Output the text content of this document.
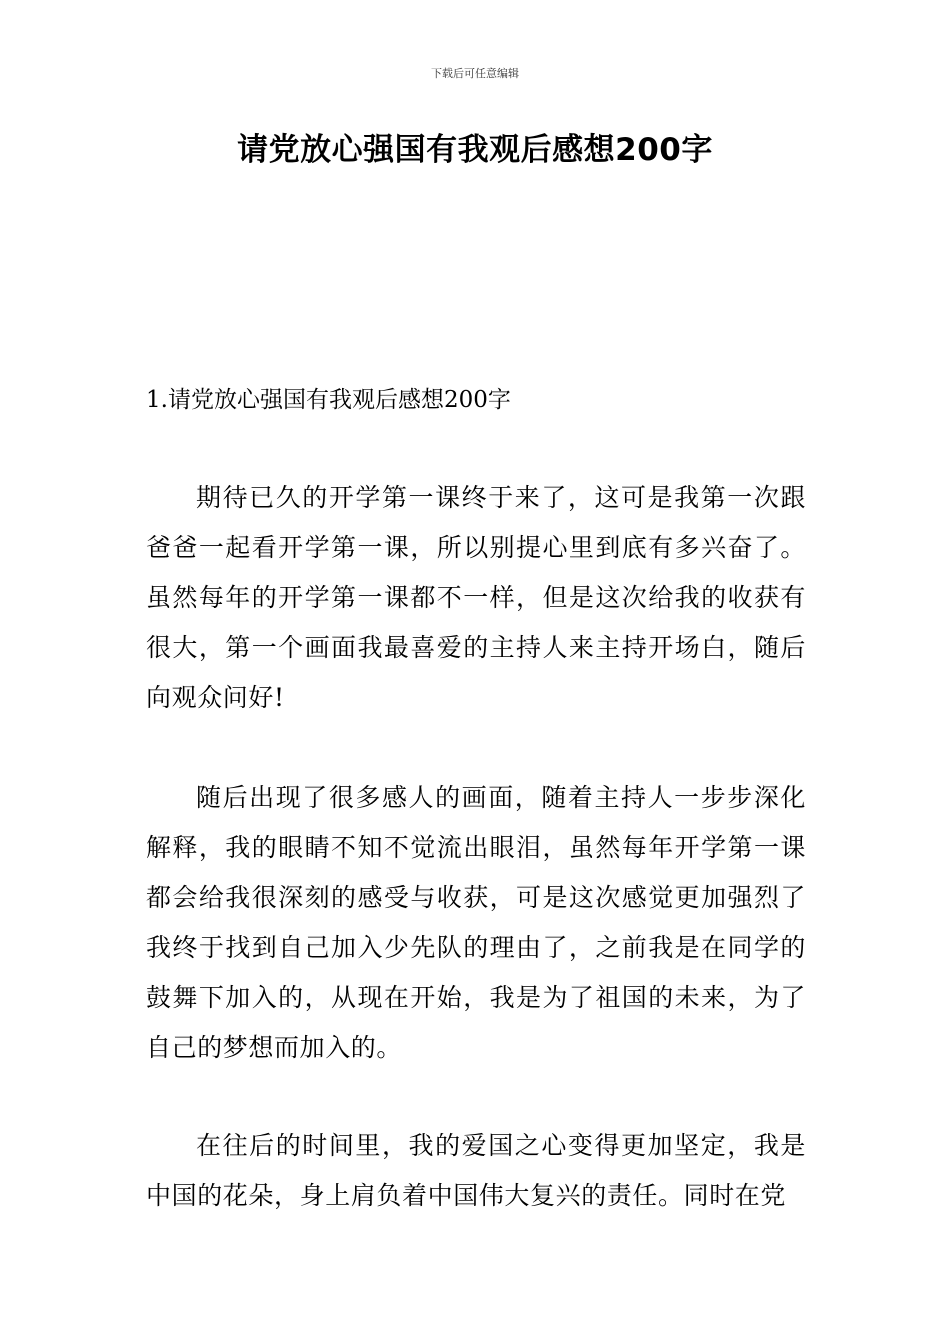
下载后可任意编辑
请党放心强国有我观后感想200字
1.请党放心强国有我观后感想200字

期待已久的开学第一课终于来了，这可是我第一次跟爸爸一起看开学第一课，所以别提心里到底有多兴奋了。虽然每年的开学第一课都不一样，但是这次给我的收获有很大，第一个画面我最喜爱的主持人来主持开场白，随后向观众问好!

随后出现了很多感人的画面，随着主持人一步步深化解释，我的眼睛不知不觉流出眼泪，虽然每年开学第一课都会给我很深刻的感受与收获，可是这次感觉更加强烈了我终于找到自己加入少先队的理由了，之前我是在同学的鼓舞下加入的，从现在开始，我是为了祖国的未来，为了自己的梦想而加入的。

在往后的时间里，我的爱国之心变得更加坚定，我是中国的花朵，身上肩负着中国伟大复兴的责任。同时在党
